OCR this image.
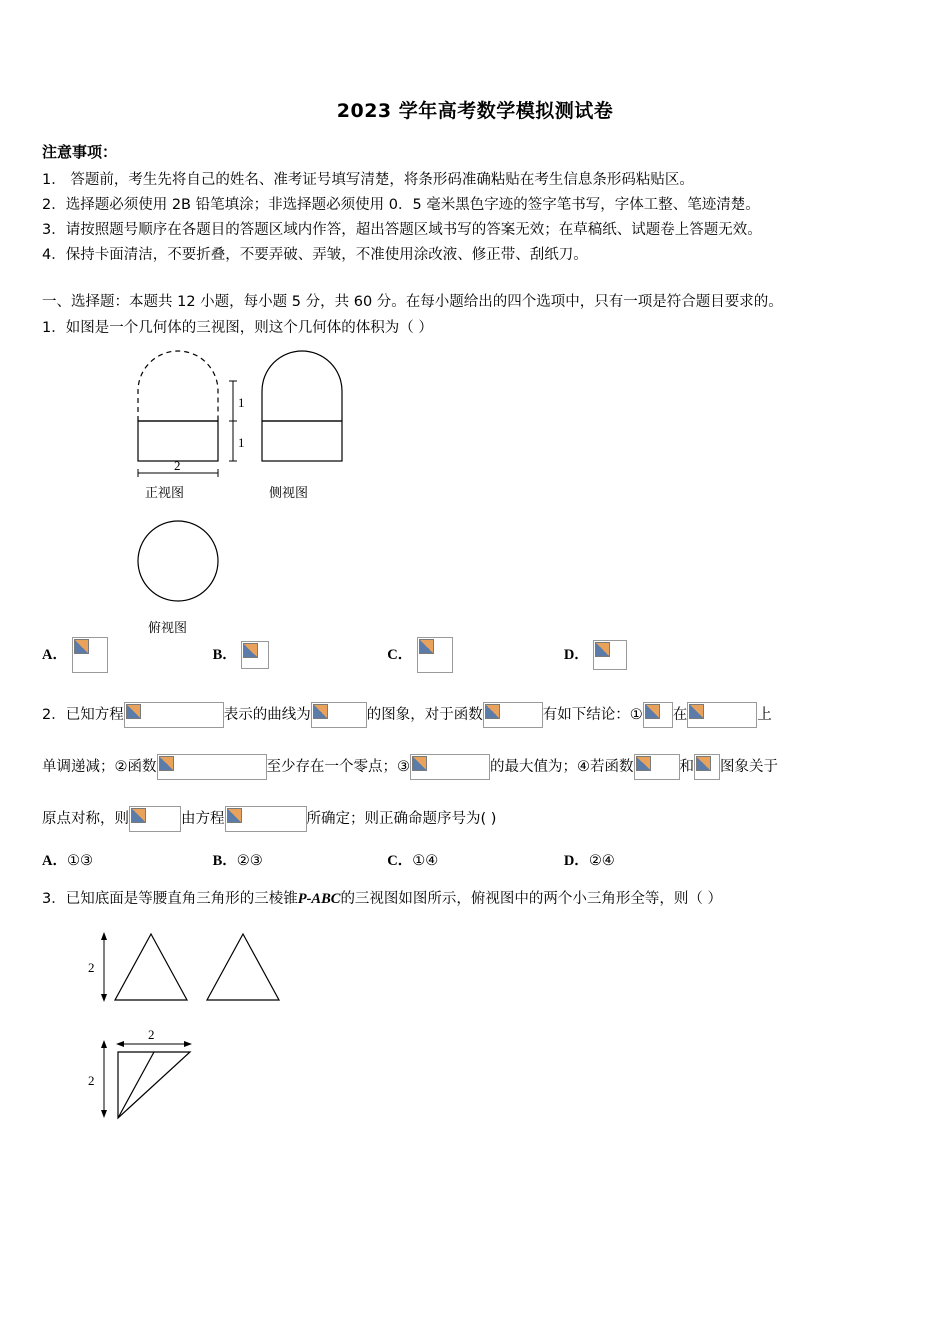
2023 学年高考数学模拟测试卷
注意事项：
1． 答题前，考生先将自己的姓名、准考证号填写清楚，将条形码准确粘贴在考生信息条形码粘贴区。
2．选择题必须使用 2B 铅笔填涂；非选择题必须使用 0．5 毫米黑色字迹的签字笔书写，字体工整、笔迹清楚。
3．请按照题号顺序在各题目的答题区域内作答，超出答题区域书写的答案无效；在草稿纸、试题卷上答题无效。
4．保持卡面清洁，不要折叠，不要弄破、弄皱，不准使用涂改液、修正带、刮纸刀。
一、选择题：本题共 12 小题，每小题 5 分，共 60 分。在每小题给出的四个选项中，只有一项是符合题目要求的。
1．如图是一个几何体的三视图，则这个几何体的体积为（ ）
1
1
2
正视图	侧视图
俯视图
A．	B．	C．	D．
2．已知方程	表示的曲线为	的图象，对于函数	有如下结论：① 在	上
单调递减；②函数	至少存在一个零点；③	的最大值为；④若函数	和 图象关于
原点对称，则	由方程	所确定；则正确命题序号为( )
A．①③	B．②③	C．①④	D．②④
3．已知底面是等腰直角三角形的三棱锥P-ABC的三视图如图所示，俯视图中的两个小三角形全等，则（ ）
2
2
2
